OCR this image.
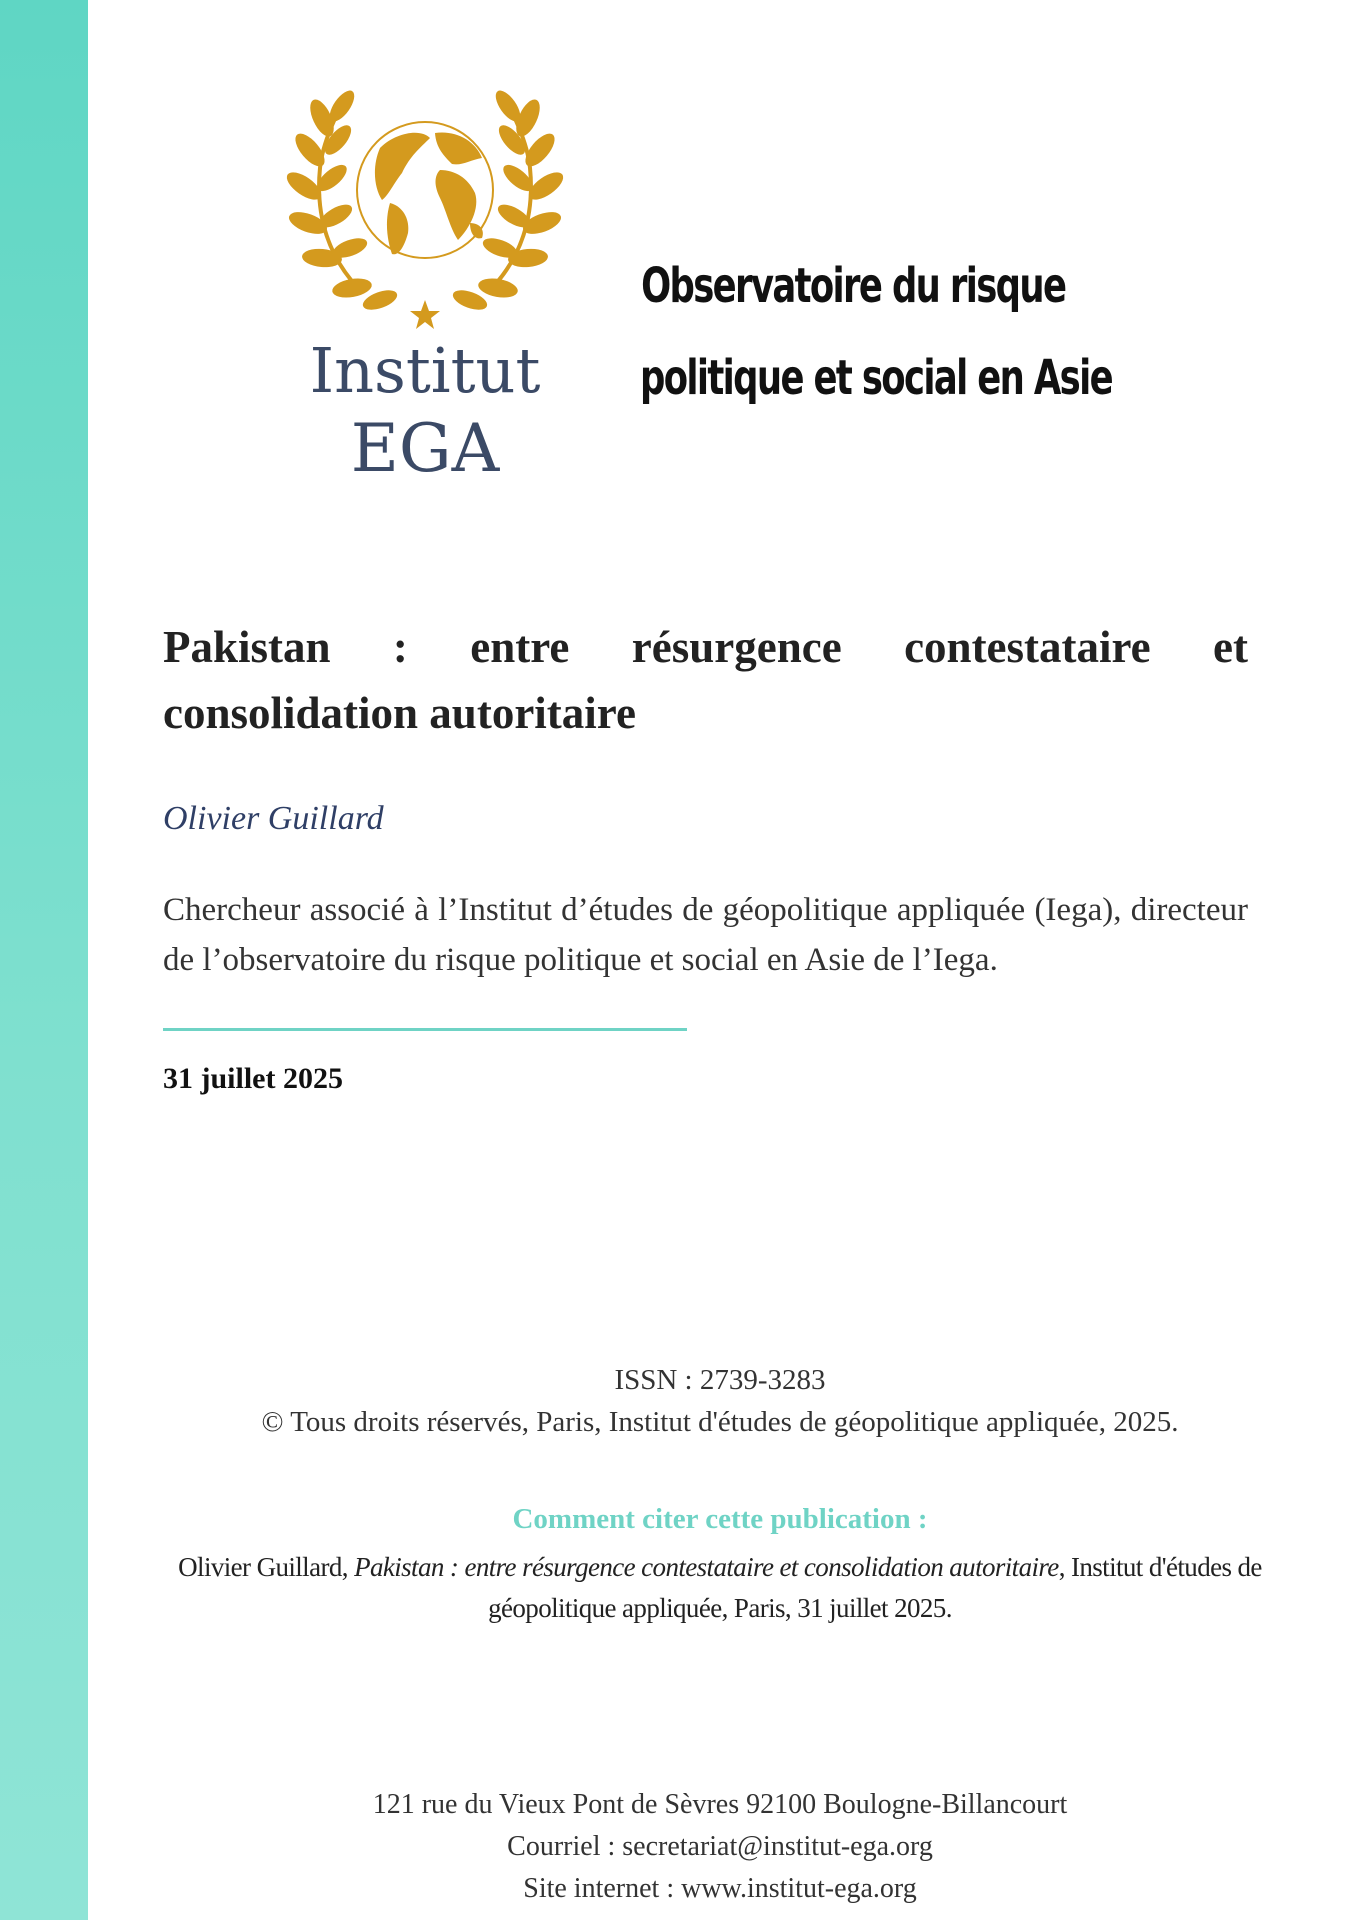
Institut
EGA
Observatoire du risque
politique et social en Asie
Pakistan : entre résurgence contestataire et consolidation autoritaire
Olivier Guillard
Chercheur associé à l’Institut d’études de géopolitique appliquée (Iega), directeur de l’observatoire du risque politique et social en Asie de l’Iega.
31 juillet 2025
ISSN : 2739-3283
© Tous droits réservés, Paris, Institut d'études de géopolitique appliquée, 2025.
Comment citer cette publication :
Olivier Guillard, Pakistan : entre résurgence contestataire et consolidation autoritaire, Institut d'études de géopolitique appliquée, Paris, 31 juillet 2025.
121 rue du Vieux Pont de Sèvres 92100 Boulogne-Billancourt
Courriel : secretariat@institut-ega.org
Site internet : www.institut-ega.org
